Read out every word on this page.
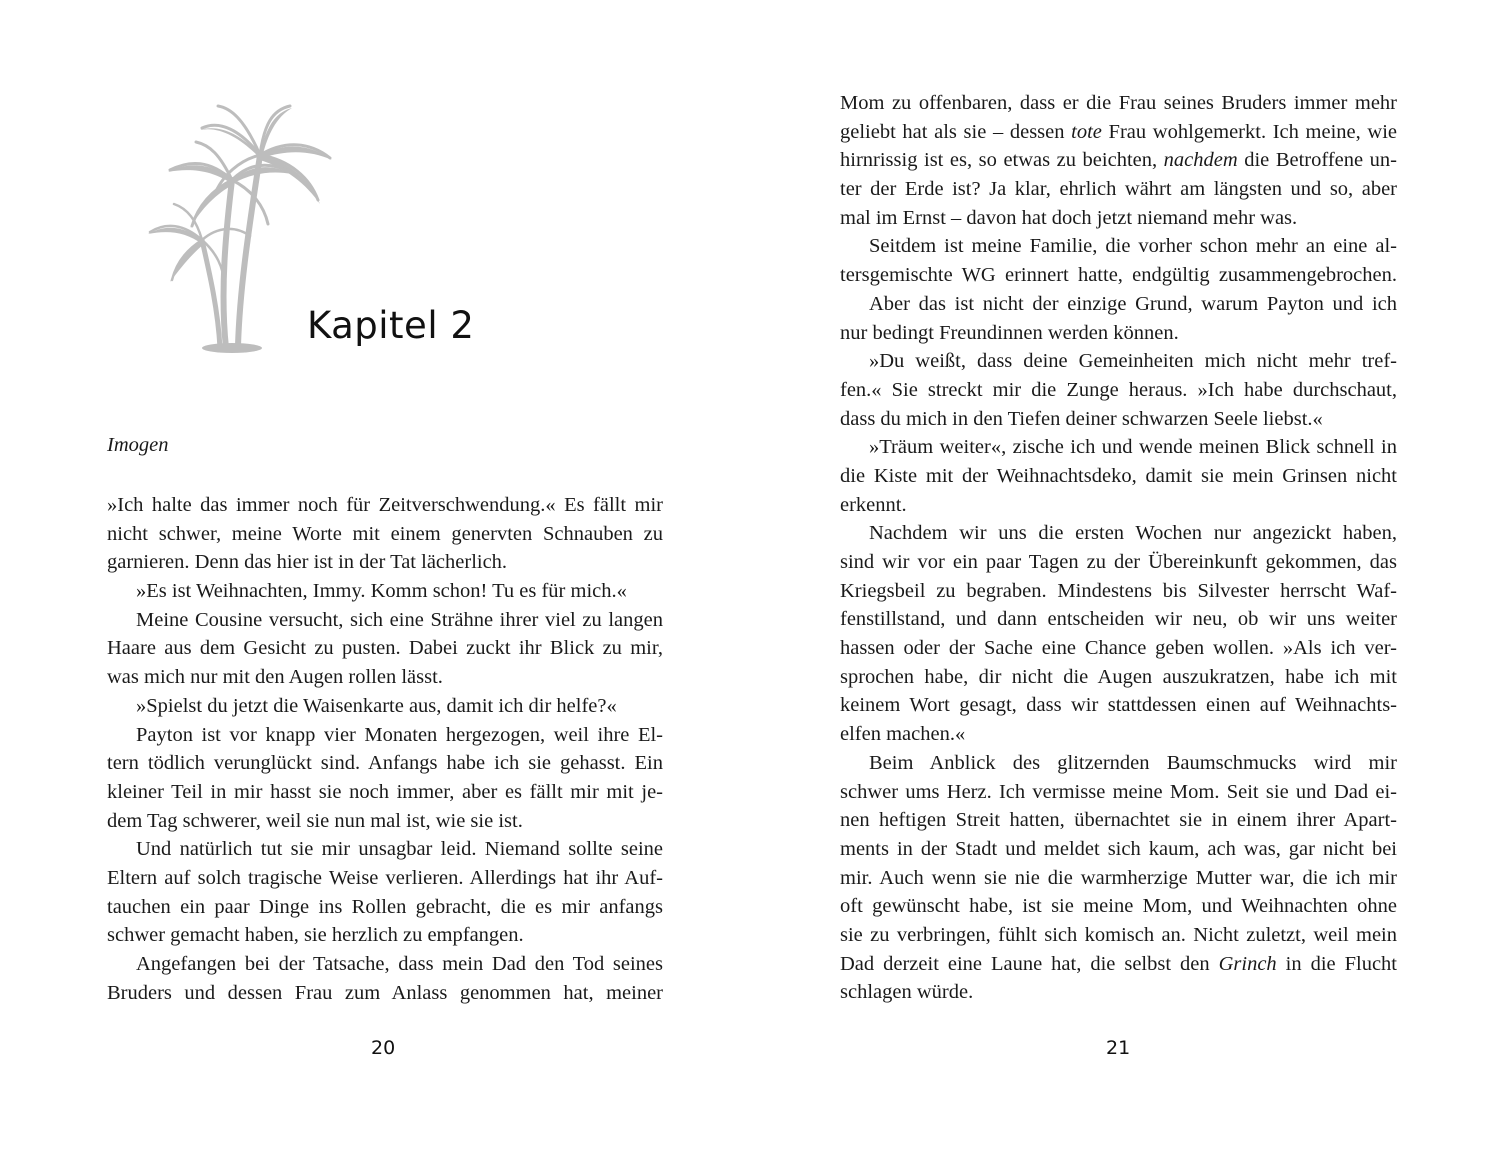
Kapitel 2
Imogen
»Ich halte das immer noch für Zeitverschwendung.« Es fällt mir
nicht schwer, meine Worte mit einem genervten Schnauben zu
garnieren. Denn das hier ist in der Tat lächerlich.
»Es ist Weihnachten, Immy. Komm schon! Tu es für mich.«
Meine Cousine versucht, sich eine Strähne ihrer viel zu langen
Haare aus dem Gesicht zu pusten. Dabei zuckt ihr Blick zu mir,
was mich nur mit den Augen rollen lässt.
»Spielst du jetzt die Waisenkarte aus, damit ich dir helfe?«
Payton ist vor knapp vier Monaten hergezogen, weil ihre El-
tern tödlich verunglückt sind. Anfangs habe ich sie gehasst. Ein
kleiner Teil in mir hasst sie noch immer, aber es fällt mir mit je-
dem Tag schwerer, weil sie nun mal ist, wie sie ist.
Und natürlich tut sie mir unsagbar leid. Niemand sollte seine
Eltern auf solch tragische Weise verlieren. Allerdings hat ihr Auf-
tauchen ein paar Dinge ins Rollen gebracht, die es mir anfangs
schwer gemacht haben, sie herzlich zu empfangen.
Angefangen bei der Tatsache, dass mein Dad den Tod seines
Bruders und dessen Frau zum Anlass genommen hat, meiner
20
Mom zu offenbaren, dass er die Frau seines Bruders immer mehr
geliebt hat als sie – dessen tote Frau wohlgemerkt. Ich meine, wie
hirnrissig ist es, so etwas zu beichten, nachdem die Betroffene un-
ter der Erde ist? Ja klar, ehrlich währt am längsten und so, aber
mal im Ernst – davon hat doch jetzt niemand mehr was.
Seitdem ist meine Familie, die vorher schon mehr an eine al-
tersgemischte WG erinnert hatte, endgültig zusammengebrochen.
Aber das ist nicht der einzige Grund, warum Payton und ich
nur bedingt Freundinnen werden können.
»Du weißt, dass deine Gemeinheiten mich nicht mehr tref-
fen.« Sie streckt mir die Zunge heraus. »Ich habe durchschaut,
dass du mich in den Tiefen deiner schwarzen Seele liebst.«
»Träum weiter«, zische ich und wende meinen Blick schnell in
die Kiste mit der Weihnachtsdeko, damit sie mein Grinsen nicht
erkennt.
Nachdem wir uns die ersten Wochen nur angezickt haben,
sind wir vor ein paar Tagen zu der Übereinkunft gekommen, das
Kriegsbeil zu begraben. Mindestens bis Silvester herrscht Waf-
fenstillstand, und dann entscheiden wir neu, ob wir uns weiter
hassen oder der Sache eine Chance geben wollen. »Als ich ver-
sprochen habe, dir nicht die Augen auszukratzen, habe ich mit
keinem Wort gesagt, dass wir stattdessen einen auf Weihnachts-
elfen machen.«
Beim Anblick des glitzernden Baumschmucks wird mir
schwer ums Herz. Ich vermisse meine Mom. Seit sie und Dad ei-
nen heftigen Streit hatten, übernachtet sie in einem ihrer Apart-
ments in der Stadt und meldet sich kaum, ach was, gar nicht bei
mir. Auch wenn sie nie die warmherzige Mutter war, die ich mir
oft gewünscht habe, ist sie meine Mom, und Weihnachten ohne
sie zu verbringen, fühlt sich komisch an. Nicht zuletzt, weil mein
Dad derzeit eine Laune hat, die selbst den Grinch in die Flucht
schlagen würde.
21
